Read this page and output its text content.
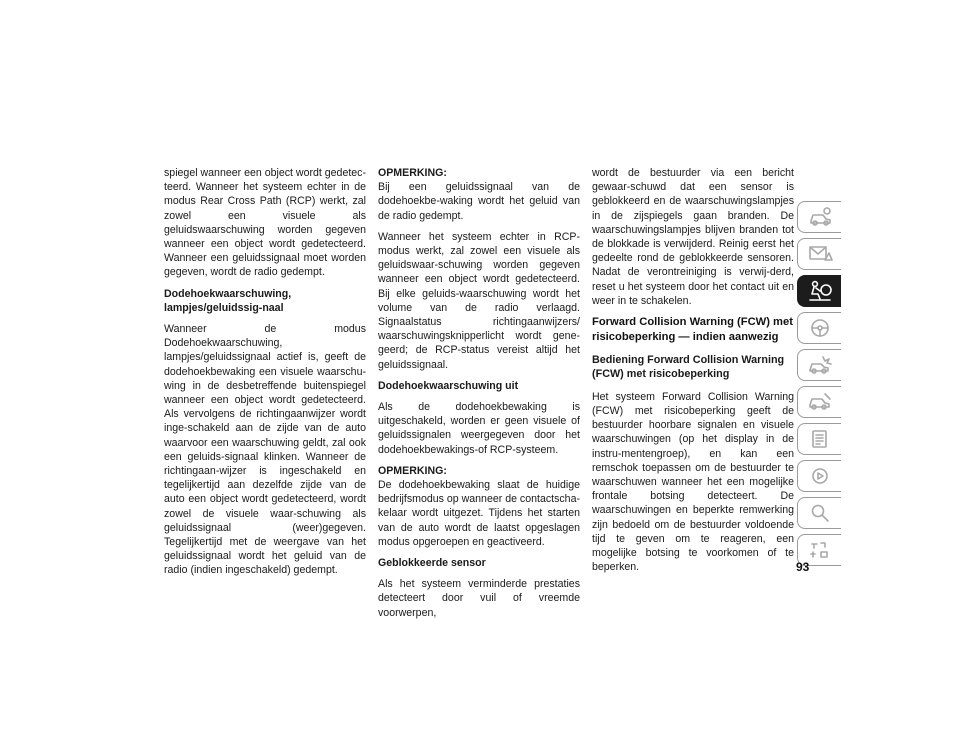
spiegel wanneer een object wordt gedetec-teerd. Wanneer het systeem echter in de modus Rear Cross Path (RCP) werkt, zal zowel een visuele als geluidswaarschuwing worden gegeven wanneer een object wordt gedetecteerd. Wanneer een geluidssignaal moet worden gegeven, wordt de radio gedempt.

Dodehoekwaarschuwing, lampjes/geluidssig-naal

Wanneer de modus Dodehoekwaarschuwing, lampjes/geluidssignaal actief is, geeft de dodehoekbewaking een visuele waarschu-wing in de desbetreffende buitenspiegel wanneer een object wordt gedetecteerd. Als vervolgens de richtingaanwijzer wordt inge-schakeld aan de zijde van de auto waarvoor een waarschuwing geldt, zal ook een geluids-signaal klinken. Wanneer de richtingaan-wijzer is ingeschakeld en tegelijkertijd aan dezelfde zijde van de auto een object wordt gedetecteerd, wordt zowel de visuele waar-schuwing als geluidssignaal (weer)gegeven. Tegelijkertijd met de weergave van het geluidssignaal wordt het geluid van de radio (indien ingeschakeld) gedempt.

OPMERKING:
Bij een geluidssignaal van de dodehoekbe-waking wordt het geluid van de radio gedempt.

Wanneer het systeem echter in RCP-modus werkt, zal zowel een visuele als geluidswaar-schuwing worden gegeven wanneer een object wordt gedetecteerd. Bij elke geluids-waarschuwing wordt het volume van de radio verlaagd. Signaalstatus richtingaanwijzers/ waarschuwingsknipperlicht wordt gene-geerd; de RCP-status vereist altijd het geluidssignaal.

Dodehoekwaarschuwing uit

Als de dodehoekbewaking is uitgeschakeld, worden er geen visuele of geluidssignalen weergegeven door het dodehoekbewakings-of RCP-systeem.

OPMERKING:
De dodehoekbewaking slaat de huidige bedrijfsmodus op wanneer de contactscha-kelaar wordt uitgezet. Tijdens het starten van de auto wordt de laatst opgeslagen modus opgeroepen en geactiveerd.

Geblokkeerde sensor

Als het systeem verminderde prestaties detecteert door vuil of vreemde voorwerpen,

wordt de bestuurder via een bericht gewaar-schuwd dat een sensor is geblokkeerd en de waarschuwingslampjes in de zijspiegels gaan branden. De waarschuwingslampjes blijven branden tot de blokkade is verwijderd. Reinig eerst het gedeelte rond de geblokkeerde sensoren. Nadat de verontreiniging is verwij-derd, reset u het systeem door het contact uit en weer in te schakelen.

Forward Collision Warning (FCW) met risicobeperking — indien aanwezig
Bediening Forward Collision Warning (FCW) met risicobeperking

Het systeem Forward Collision Warning (FCW) met risicobeperking geeft de bestuurder hoorbare signalen en visuele waarschuwingen (op het display in de instru-mentengroep), en kan een remschok toepassen om de bestuurder te waarschuwen wanneer het een mogelijke frontale botsing detecteert. De waarschuwingen en beperkte remwerking zijn bedoeld om de bestuurder voldoende tijd te geven om te reageren, een mogelijke botsing te voorkomen of te beperken.	93
